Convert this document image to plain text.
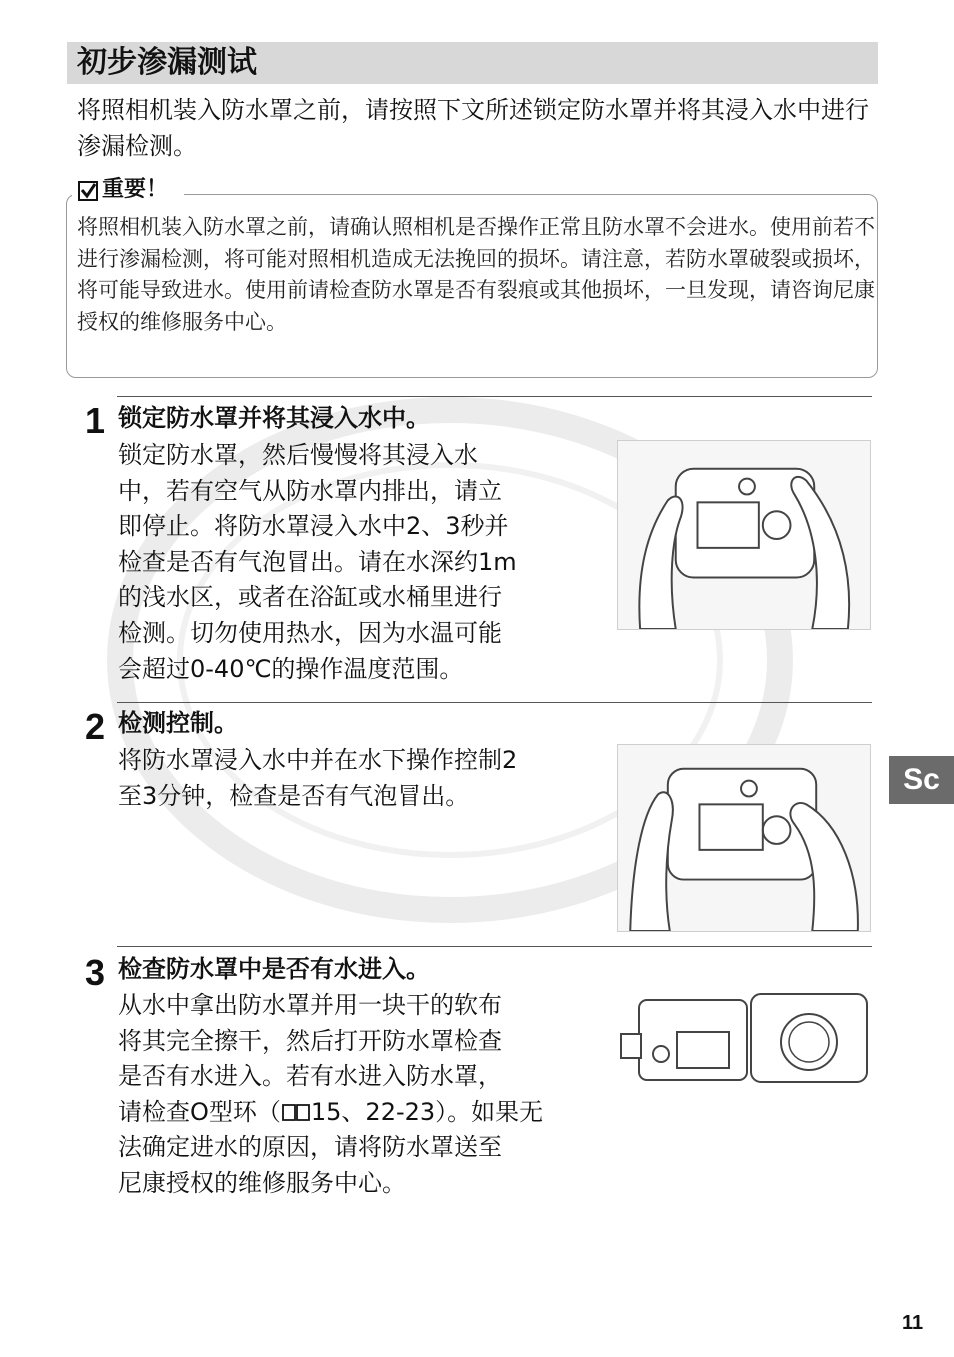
初步渗漏测试
将照相机装入防水罩之前，请按照下文所述锁定防水罩并将其浸入水中进行渗漏检测。
重要！
将照相机装入防水罩之前，请确认照相机是否操作正常且防水罩不会进水。使用前若不进行渗漏检测，将可能对照相机造成无法挽回的损坏。请注意，若防水罩破裂或损坏，将可能导致进水。使用前请检查防水罩是否有裂痕或其他损坏，一旦发现，请咨询尼康授权的维修服务中心。
1 锁定防水罩并将其浸入水中。
锁定防水罩，然后慢慢将其浸入水
中，若有空气从防水罩内排出，请立
即停止。将防水罩浸入水中2、3秒并
检查是否有气泡冒出。请在水深约1m
的浅水区，或者在浴缸或水桶里进行
检测。切勿使用热水，因为水温可能
会超过0-40℃的操作温度范围。
2 检测控制。
将防水罩浸入水中并在水下操作控制2
至3分钟，检查是否有气泡冒出。
3 检查防水罩中是否有水进入。
从水中拿出防水罩并用一块干的软布
将其完全擦干，然后打开防水罩检查
是否有水进入。若有水进入防水罩，
请检查O型环（ 15、22-23）。如果无
法确定进水的原因，请将防水罩送至
尼康授权的维修服务中心。
Sc
11
